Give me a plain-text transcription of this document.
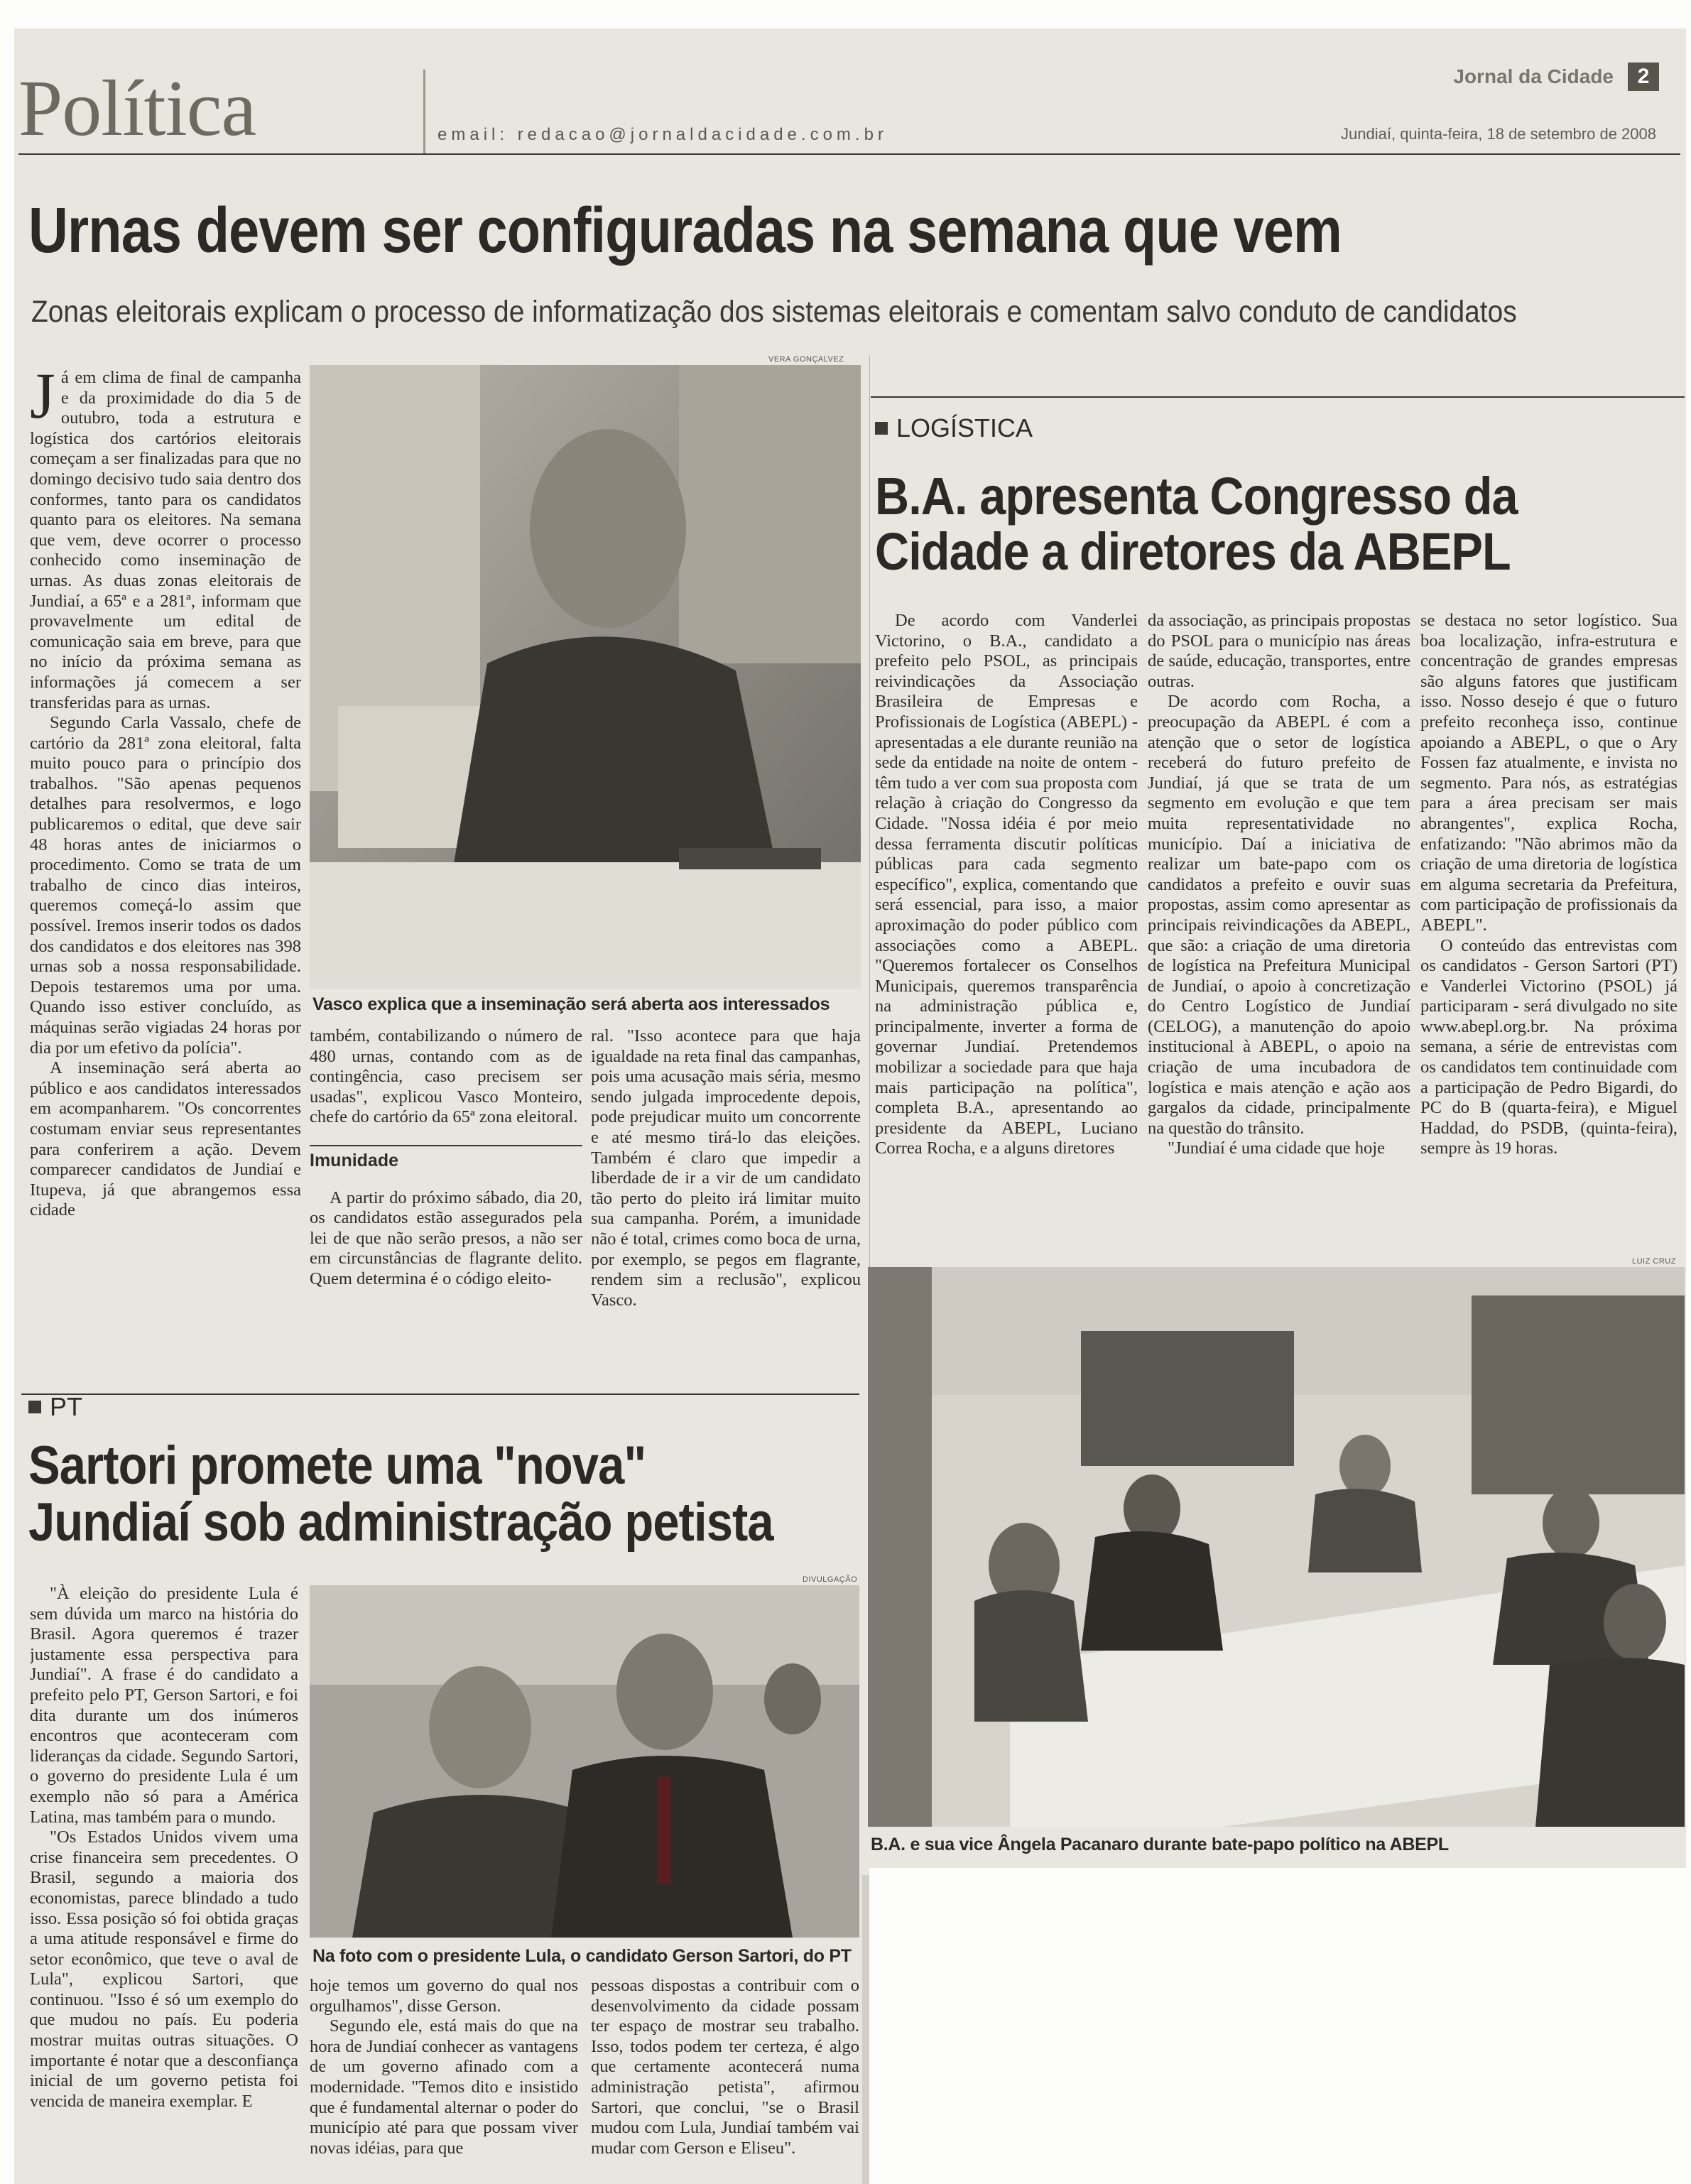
Política	email: redacao@jornaldacidade.com.br
Jornal da Cidade	2
Jundiaí, quinta-feira, 18 de setembro de 2008
Urnas devem ser configuradas na semana que vem
Zonas eleitorais explicam o processo de informatização dos sistemas eleitorais e comentam salvo conduto de candidatos
J á em clima de final de campanha e da proximidade do dia 5 de outubro, toda a estrutura e logística dos cartórios eleitorais começam a ser finalizadas para que no domingo decisivo tudo saia dentro dos conformes, tanto para os candidatos quanto para os eleitores. Na semana que vem, deve ocorrer o processo conhecido como inseminação de urnas. As duas zonas eleitorais de Jundiaí, a 65ª e a 281ª, informam que provavelmente um edital de comunicação saia em breve, para que no início da próxima semana as informações já comecem a ser transferidas para as urnas.

Segundo Carla Vassalo, chefe de cartório da 281ª zona eleitoral, falta muito pouco para o princípio dos trabalhos. "São apenas pequenos detalhes para resolvermos, e logo publicaremos o edital, que deve sair 48 horas antes de iniciarmos o procedimento. Como se trata de um trabalho de cinco dias inteiros, queremos começá-lo assim que possível. Iremos inserir todos os dados dos candidatos e dos eleitores nas 398 urnas sob a nossa responsabilidade. Depois testaremos uma por uma. Quando isso estiver concluído, as máquinas serão vigiadas 24 horas por dia por um efetivo da polícia".

A inseminação será aberta ao público e aos candidatos interessados em acompanharem. "Os concorrentes costumam enviar seus representantes para conferirem a ação. Devem comparecer candidatos de Jundiaí e Itupeva, já que abrangemos essa cidade

VERA GONÇALVEZ
Vasco explica que a inseminação será aberta aos interessados

também, contabilizando o número de 480 urnas, contando com as de contingência, caso precisem ser usadas", explicou Vasco Monteiro, chefe do cartório da 65ª zona eleitoral.

Imunidade

A partir do próximo sábado, dia 20, os candidatos estão assegurados pela lei de que não serão presos, a não ser em circunstâncias de flagrante delito. Quem determina é o código eleito-

ral. "Isso acontece para que haja igualdade na reta final das campanhas, pois uma acusação mais séria, mesmo sendo julgada improcedente depois, pode prejudicar muito um concorrente e até mesmo tirá-lo das eleições. Também é claro que impedir a liberdade de ir a vir de um candidato tão perto do pleito irá limitar muito sua campanha. Porém, a imunidade não é total, crimes como boca de urna, por exemplo, se pegos em flagrante, rendem sim a reclusão", explicou Vasco.

LOGÍSTICA
B.A. apresenta Congresso da
Cidade a diretores da ABEPL

De acordo com Vanderlei Victorino, o B.A., candidato a prefeito pelo PSOL, as principais reivindicações da Associação Brasileira de Empresas e Profissionais de Logística (ABEPL) - apresentadas a ele durante reunião na sede da entidade na noite de ontem - têm tudo a ver com sua proposta com relação à criação do Congresso da Cidade. "Nossa idéia é por meio dessa ferramenta discutir políticas públicas para cada segmento específico", explica, comentando que será essencial, para isso, a maior aproximação do poder público com associações como a ABEPL. "Queremos fortalecer os Conselhos Municipais, queremos transparência na administração pública e, principalmente, inverter a forma de governar Jundiaí. Pretendemos mobilizar a sociedade para que haja mais participação na política", completa B.A., apresentando ao presidente da ABEPL, Luciano Correa Rocha, e a alguns diretores

da associação, as principais propostas do PSOL para o município nas áreas de saúde, educação, transportes, entre outras.

De acordo com Rocha, a preocupação da ABEPL é com a atenção que o setor de logística receberá do futuro prefeito de Jundiaí, já que se trata de um segmento em evolução e que tem muita representatividade no município. Daí a iniciativa de realizar um bate-papo com os candidatos a prefeito e ouvir suas propostas, assim como apresentar as principais reivindicações da ABEPL, que são: a criação de uma diretoria de logística na Prefeitura Municipal de Jundiaí, o apoio à concretização do Centro Logístico de Jundiaí (CELOG), a manutenção do apoio institucional à ABEPL, o apoio na criação de uma incubadora de logística e mais atenção e ação aos gargalos da cidade, principalmente na questão do trânsito.

"Jundiaí é uma cidade que hoje

se destaca no setor logístico. Sua boa localização, infra-estrutura e concentração de grandes empresas são alguns fatores que justificam isso. Nosso desejo é que o futuro prefeito reconheça isso, continue apoiando a ABEPL, o que o Ary Fossen faz atualmente, e invista no segmento. Para nós, as estratégias para a área precisam ser mais abrangentes", explica Rocha, enfatizando: "Não abrimos mão da criação de uma diretoria de logística em alguma secretaria da Prefeitura, com participação de profissionais da ABEPL".

O conteúdo das entrevistas com os candidatos - Gerson Sartori (PT) e Vanderlei Victorino (PSOL) já participaram - será divulgado no site www.abepl.org.br. Na próxima semana, a série de entrevistas com os candidatos tem continuidade com a participação de Pedro Bigardi, do PC do B (quarta-feira), e Miguel Haddad, do PSDB, (quinta-feira), sempre às 19 horas.

LUIZ CRUZ
B.A. e sua vice Ângela Pacanaro durante bate-papo político na ABEPL
PT
Sartori promete uma "nova"
Jundiaí sob administração petista

"À eleição do presidente Lula é sem dúvida um marco na história do Brasil. Agora queremos é trazer justamente essa perspectiva para Jundiaí". A frase é do candidato a prefeito pelo PT, Gerson Sartori, e foi dita durante um dos inúmeros encontros que aconteceram com lideranças da cidade. Segundo Sartori, o governo do presidente Lula é um exemplo não só para a América Latina, mas também para o mundo.

"Os Estados Unidos vivem uma crise financeira sem precedentes. O Brasil, segundo a maioria dos economistas, parece blindado a tudo isso. Essa posição só foi obtida graças a uma atitude responsável e firme do setor econômico, que teve o aval de Lula", explicou Sartori, que continuou. "Isso é só um exemplo do que mudou no país. Eu poderia mostrar muitas outras situações. O importante é notar que a desconfiança inicial de um governo petista foi vencida de maneira exemplar. E

DIVULGAÇÃO
Na foto com o presidente Lula, o candidato Gerson Sartori, do PT

hoje temos um governo do qual nos orgulhamos", disse Gerson.

Segundo ele, está mais do que na hora de Jundiaí conhecer as vantagens de um governo afinado com a modernidade. "Temos dito e insistido que é fundamental alternar o poder do município até para que possam viver novas idéias, para que

pessoas dispostas a contribuir com o desenvolvimento da cidade possam ter espaço de mostrar seu trabalho. Isso, todos podem ter certeza, é algo que certamente acontecerá numa administração petista", afirmou Sartori, que conclui, "se o Brasil mudou com Lula, Jundiaí também vai mudar com Gerson e Eliseu".
